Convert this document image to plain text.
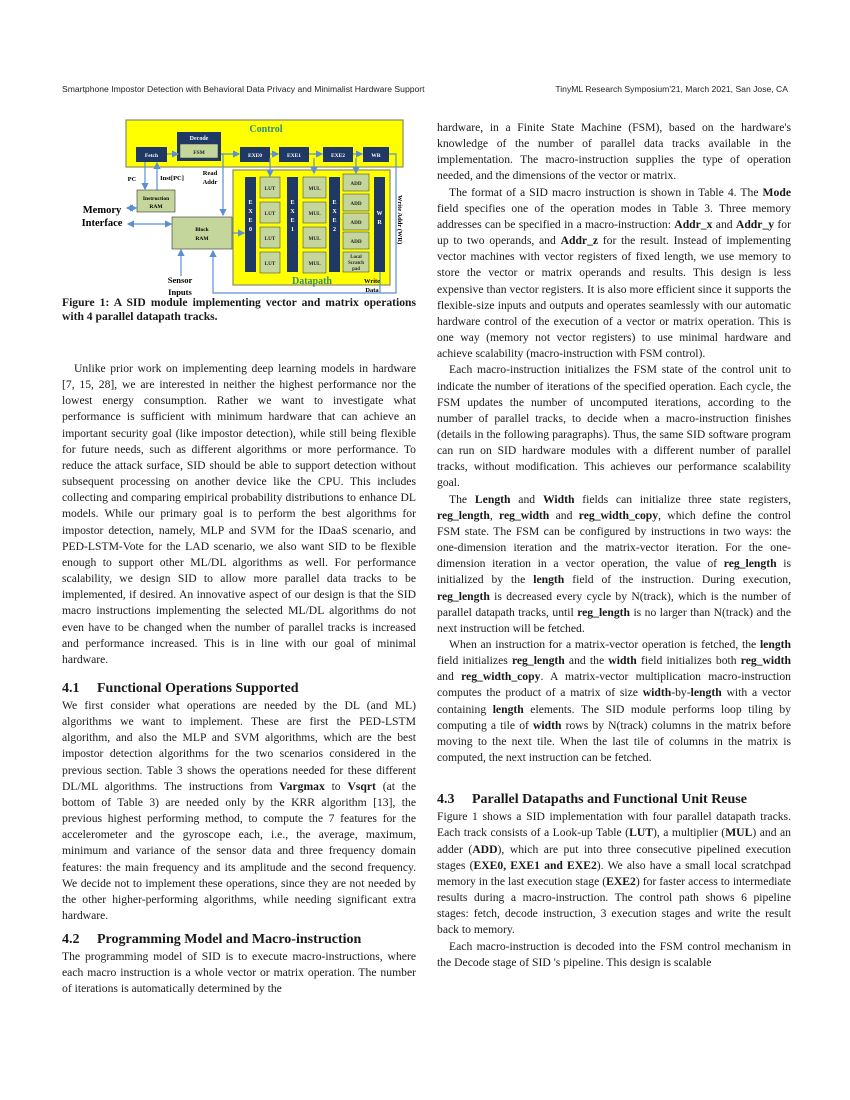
Smartphone Impostor Detection with Behavioral Data Privacy and Minimalist Hardware Support	TinyML Research Symposium'21, March 2021, San Jose, CA
Control
Datapath
Decode
FSM
Fetch	EXE0	EXE1	EXE2	WR
Instruction
RAM
Block
RAM
PC	Inst[PC]
Read
Addr
Memory
Interface
Sensor
Inputs
Write
Data
Write Addr (WR)
E
X
E
0
E
X
E
1
E
X
E
2
W
R
LUT
LUT
LUT
LUT
MUL
MUL
MUL
MUL
ADD
ADD
ADD
ADD
Local
Scratch
pad
Figure 1: A SID module implementing vector and matrix operations with 4 parallel datapath tracks.

Unlike prior work on implementing deep learning models in hardware [7, 15, 28], we are interested in neither the highest performance nor the lowest energy consumption. Rather we want to investigate what performance is sufficient with minimum hardware that can achieve an important security goal (like impostor detection), while still being flexible for future needs, such as different algorithms or more performance. To reduce the attack surface, SID should be able to support detection without subsequent processing on another device like the CPU. This includes collecting and comparing empirical probability distributions to enhance DL models. While our primary goal is to perform the best algorithms for impostor detection, namely, MLP and SVM for the IDaaS scenario, and PED-LSTM-Vote for the LAD scenario, we also want SID to be flexible enough to support other ML/DL algorithms as well. For performance scalability, we design SID to allow more parallel data tracks to be implemented, if desired. An innovative aspect of our design is that the SID macro instructions implementing the selected ML/DL algorithms do not even have to be changed when the number of parallel tracks is increased and performance increased. This is in line with our goal of minimal hardware.

4.1	Functional Operations Supported

We first consider what operations are needed by the DL (and ML) algorithms we want to implement. These are first the PED-LSTM algorithm, and also the MLP and SVM algorithms, which are the best impostor detection algorithms for the two scenarios considered in the previous section. Table 3 shows the operations needed for these different DL/ML algorithms. The instructions from Vargmax to Vsqrt (at the bottom of Table 3) are needed only by the KRR algorithm [13], the previous highest performing method, to compute the 7 features for the accelerometer and the gyroscope each, i.e., the average, maximum, minimum and variance of the sensor data and three frequency domain features: the main frequency and its amplitude and the second frequency. We decide not to implement these operations, since they are not needed by the other higher-performing algorithms, while needing significant extra hardware.

4.2	Programming Model and Macro-instruction

The programming model of SID is to execute macro-instructions, where each macro instruction is a whole vector or matrix operation. The number of iterations is automatically determined by the

hardware, in a Finite State Machine (FSM), based on the hardware's knowledge of the number of parallel data tracks available in the implementation. The macro-instruction supplies the type of operation needed, and the dimensions of the vector or matrix.

The format of a SID macro instruction is shown in Table 4. The Mode field specifies one of the operation modes in Table 3. Three memory addresses can be specified in a macro-instruction: Addr_x and Addr_y for up to two operands, and Addr_z for the result. Instead of implementing vector machines with vector registers of fixed length, we use memory to store the vector or matrix operands and results. This design is less expensive than vector registers. It is also more efficient since it supports the flexible-size inputs and outputs and operates seamlessly with our automatic hardware control of the execution of a vector or matrix operation. This is one way (memory not vector registers) to use minimal hardware and achieve scalability (macro-instruction with FSM control).

Each macro-instruction initializes the FSM state of the control unit to indicate the number of iterations of the specified operation. Each cycle, the FSM updates the number of uncomputed iterations, according to the number of parallel tracks, to decide when a macro-instruction finishes (details in the following paragraphs). Thus, the same SID software program can run on SID hardware modules with a different number of parallel tracks, without modification. This achieves our performance scalability goal.

The Length and Width fields can initialize three state registers, reg_length, reg_width and reg_width_copy, which define the control FSM state. The FSM can be configured by instructions in two ways: the one-dimension iteration and the matrix-vector iteration. For the one-dimension iteration in a vector operation, the value of reg_length is initialized by the length field of the instruction. During execution, reg_length is decreased every cycle by N(track), which is the number of parallel datapath tracks, until reg_length is no larger than N(track) and the next instruction will be fetched.

When an instruction for a matrix-vector operation is fetched, the length field initializes reg_length and the width field initializes both reg_width and reg_width_copy. A matrix-vector multiplication macro-instruction computes the product of a matrix of size width-by-length with a vector containing length elements. The SID module performs loop tiling by computing a tile of width rows by N(track) columns in the matrix before moving to the next tile. When the last tile of columns in the matrix is computed, the next instruction can be fetched.

4.3	Parallel Datapaths and Functional Unit Reuse

Figure 1 shows a SID implementation with four parallel datapath tracks. Each track consists of a Look-up Table (LUT), a multiplier (MUL) and an adder (ADD), which are put into three consecutive pipelined execution stages (EXE0, EXE1 and EXE2). We also have a small local scratchpad memory in the last execution stage (EXE2) for faster access to intermediate results during a macro-instruction. The control path shows 6 pipeline stages: fetch, decode instruction, 3 execution stages and write the result back to memory.

Each macro-instruction is decoded into the FSM control mechanism in the Decode stage of SID 's pipeline. This design is scalable
